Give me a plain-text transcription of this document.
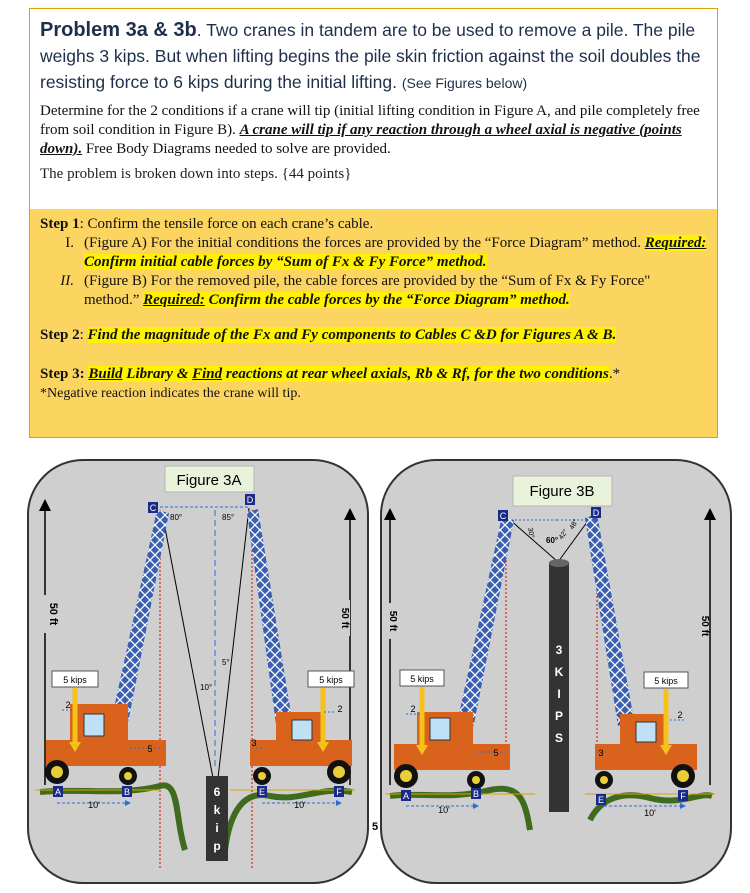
Problem 3a & 3b. Two cranes in tandem are to be used to remove a pile. The pile weighs 3 kips. But when lifting begins the pile skin friction against the soil doubles the resisting force to 6 kips during the initial lifting. (See Figures below)
Determine for the 2 conditions if a crane will tip (initial lifting condition in Figure A, and pile completely free from soil condition in Figure B). A crane will tip if any reaction through a wheel axial is negative (points down). Free Body Diagrams needed to solve are provided.
The problem is broken down into steps. {44 points}
Step 1: Confirm the tensile force on each crane’s cable.
I. (Figure A) For the initial conditions the forces are provided by the “Force Diagram” method. Required: Confirm initial cable forces by “Sum of Fx & Fy Force” method.
II. (Figure B) For the removed pile, the cable forces are provided by the “Sum of Fx & Fy Force" method.” Required: Confirm the cable forces by the “Force Diagram” method.
Step 2: Find the magnitude of the Fx and Fy components to Cables C &D for Figures A & B.
Step 3: Build Library & Find reactions at rear wheel axials, Rb & Rf, for the two conditions.*
*Negative reaction indicates the crane will tip.
Figure 3A
50 ft	50 ft
5 kips	5 kips
2	2
5
3
10'	10'
6
k
i
p
80°	85°
5°
10°
C
D
A	B	E	F
5
Figure 3B
50 ft	50 ft
3
K
I
P
S
5 kips	5 kips
2
2
5	3
10'	10'
30°
60° 42°
48°
C	D
A	B
E	F
